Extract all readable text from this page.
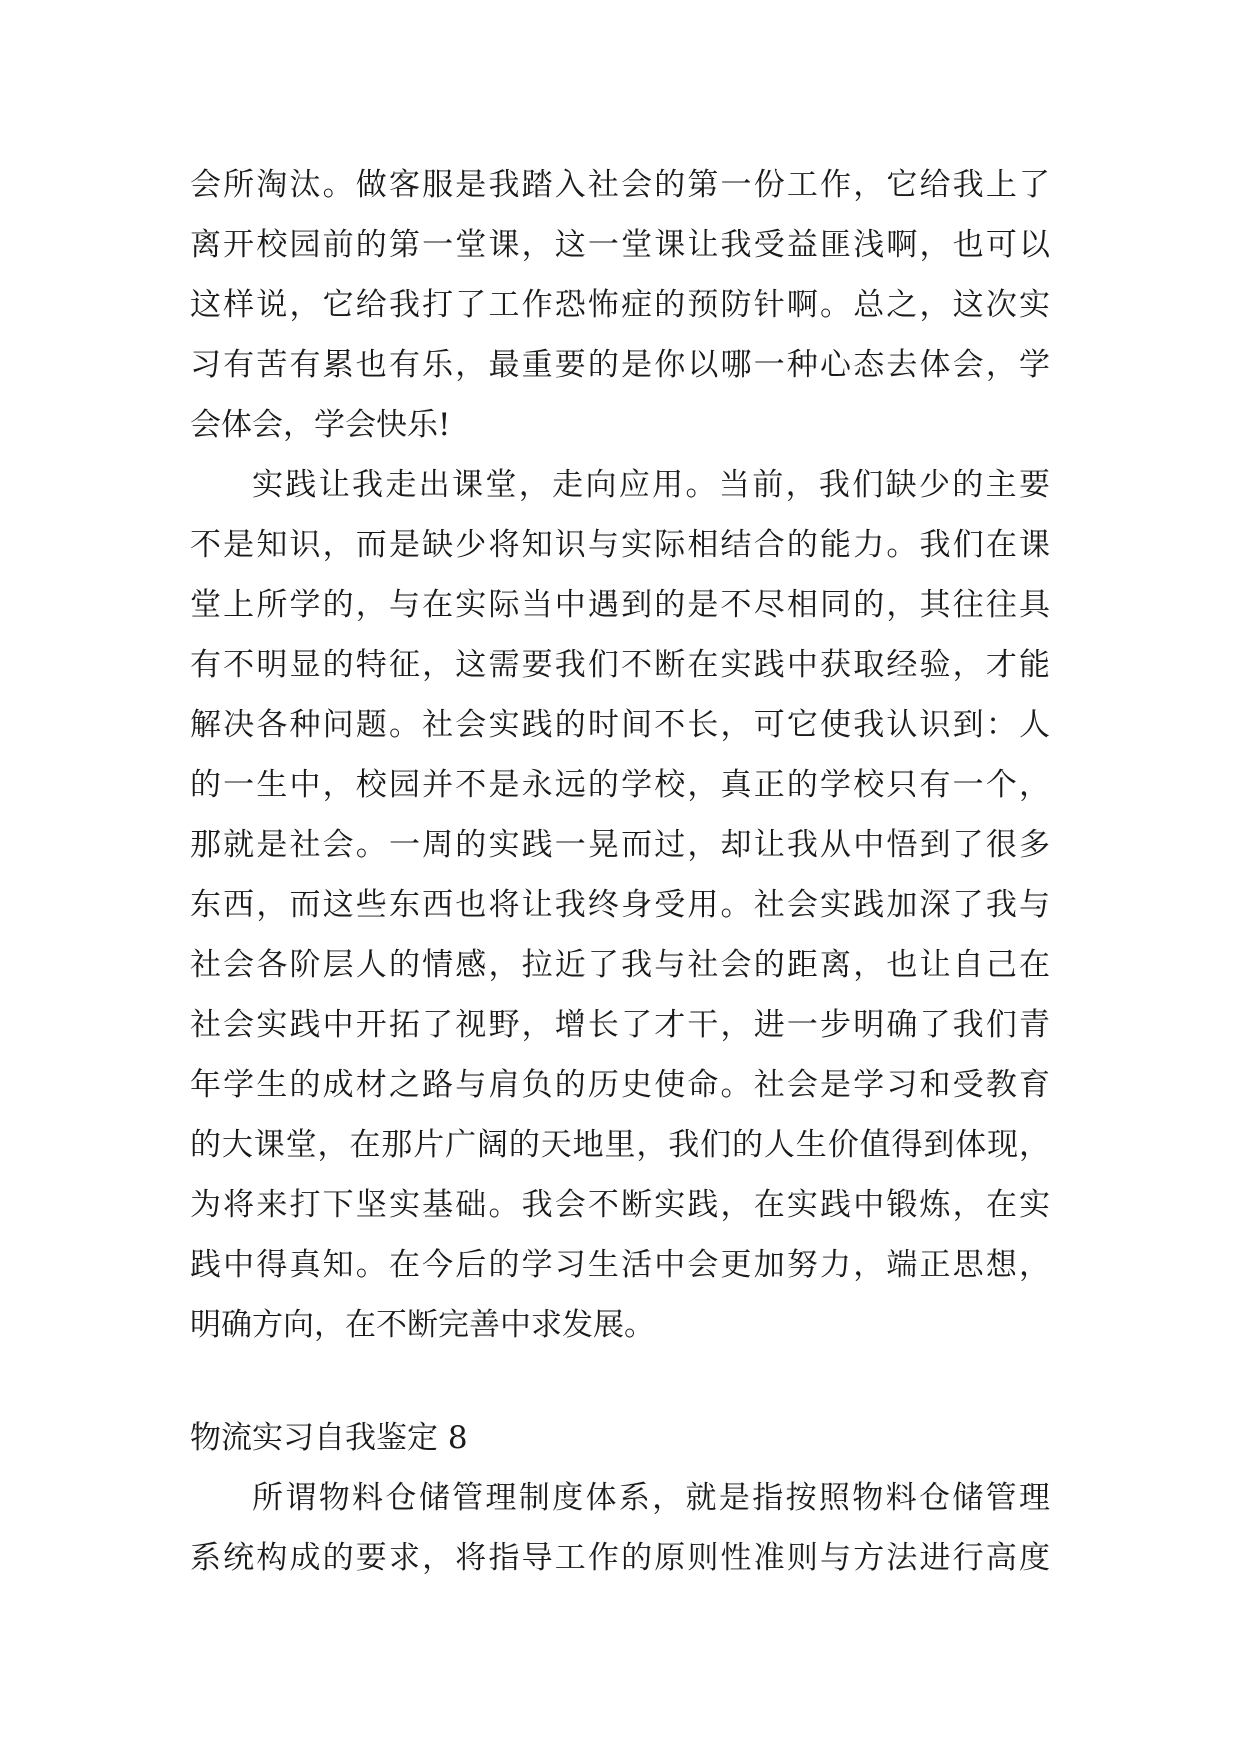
会所淘汰。做客服是我踏入社会的第一份工作，它给我上了
离开校园前的第一堂课，这一堂课让我受益匪浅啊，也可以
这样说，它给我打了工作恐怖症的预防针啊。总之，这次实
习有苦有累也有乐，最重要的是你以哪一种心态去体会，学
会体会，学会快乐!
实践让我走出课堂，走向应用。当前，我们缺少的主要
不是知识，而是缺少将知识与实际相结合的能力。我们在课
堂上所学的，与在实际当中遇到的是不尽相同的，其往往具
有不明显的特征，这需要我们不断在实践中获取经验，才能
解决各种问题。社会实践的时间不长，可它使我认识到：人
的一生中，校园并不是永远的学校，真正的学校只有一个，
那就是社会。一周的实践一晃而过，却让我从中悟到了很多
东西，而这些东西也将让我终身受用。社会实践加深了我与
社会各阶层人的情感，拉近了我与社会的距离，也让自己在
社会实践中开拓了视野，增长了才干，进一步明确了我们青
年学生的成材之路与肩负的历史使命。社会是学习和受教育
的大课堂，在那片广阔的天地里，我们的人生价值得到体现，
为将来打下坚实基础。我会不断实践，在实践中锻炼，在实
践中得真知。在今后的学习生活中会更加努力，端正思想，
明确方向，在不断完善中求发展。
物流实习自我鉴定 8
所谓物料仓储管理制度体系，就是指按照物料仓储管理
系统构成的要求，将指导工作的原则性准则与方法进行高度
